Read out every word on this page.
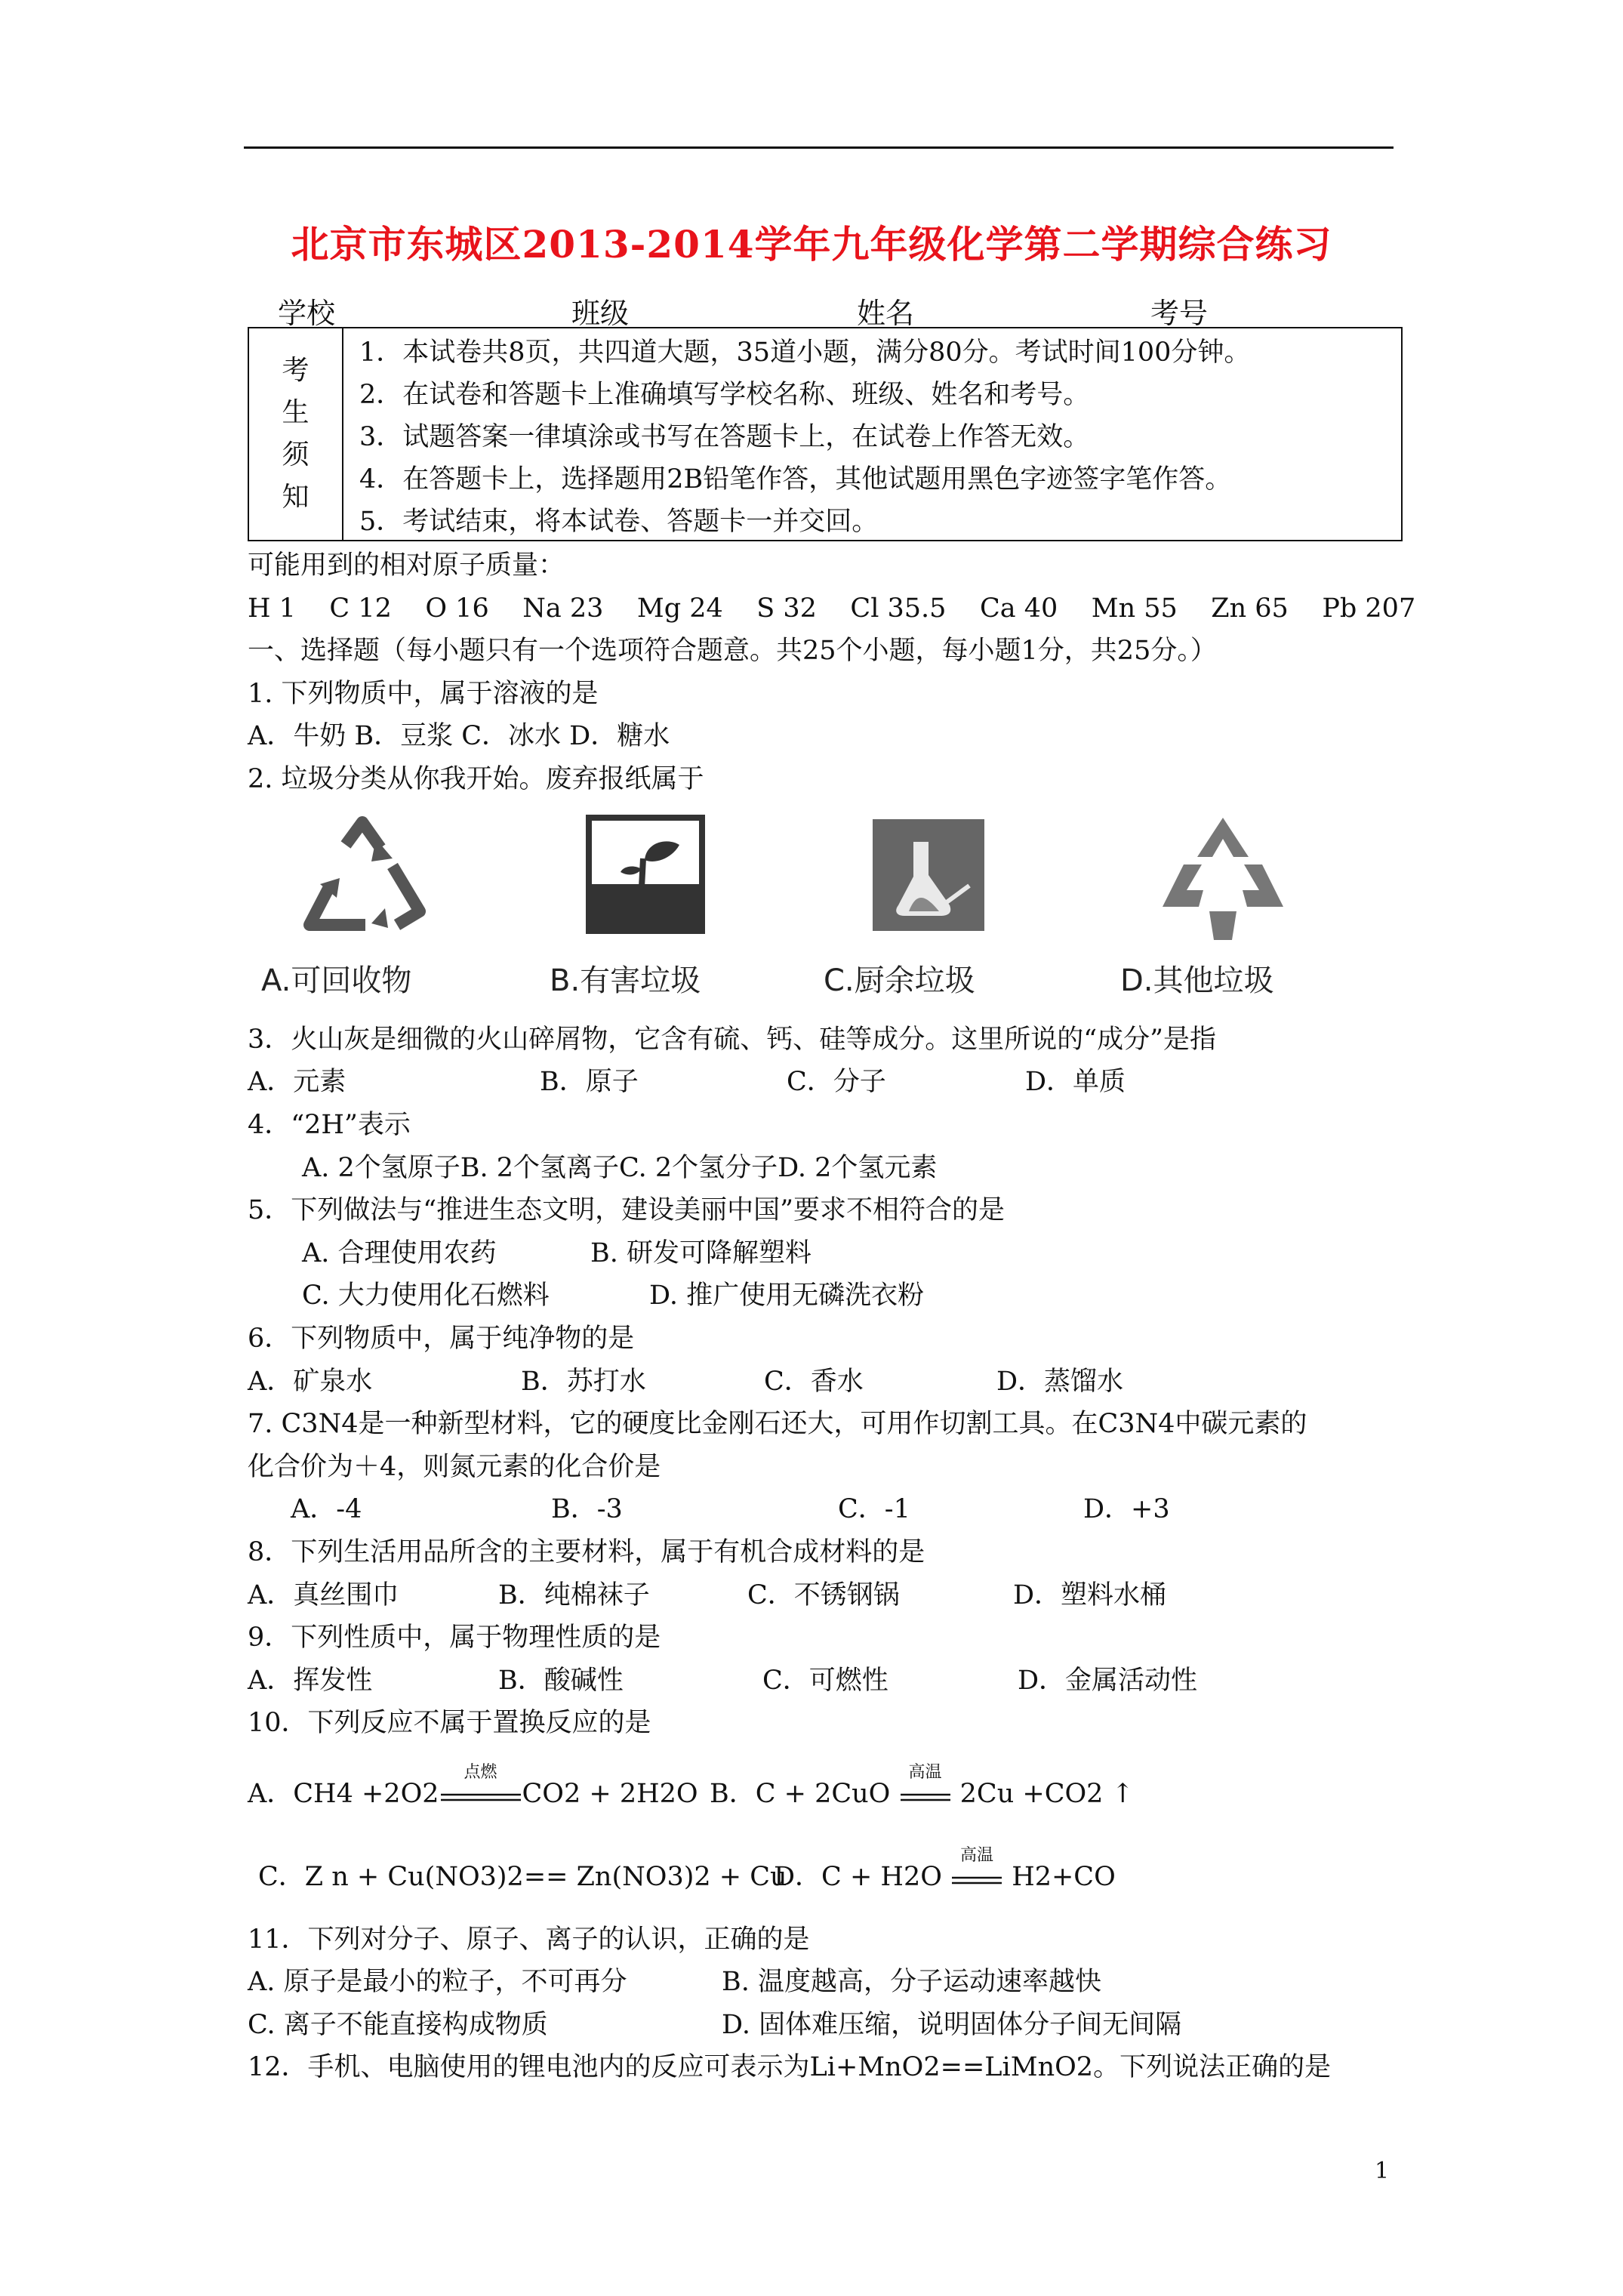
北京市东城区2013-2014学年九年级化学第二学期综合练习
学校	班级	姓名	考号
考
生
须
知
1．本试卷共8页，共四道大题，35道小题，满分80分。考试时间100分钟。
2．在试卷和答题卡上准确填写学校名称、班级、姓名和考号。
3．试题答案一律填涂或书写在答题卡上，在试卷上作答无效。
4．在答题卡上，选择题用2B铅笔作答，其他试题用黑色字迹签字笔作答。
5．考试结束，将本试卷、答题卡一并交回。
可能用到的相对原子质量：
H 1    C 12    O 16    Na 23    Mg 24    S 32    Cl 35.5    Ca 40    Mn 55    Zn 65    Pb 207
一、选择题（每小题只有一个选项符合题意。共25个小题，每小题1分，共25分。）
1. 下列物质中，属于溶液的是
A．牛奶 B．豆浆 C．冰水 D．糖水
2. 垃圾分类从你我开始。废弃报纸属于
A.可回收物	B.有害垃圾	C.厨余垃圾	D.其他垃圾
3．火山灰是细微的火山碎屑物，它含有硫、钙、硅等成分。这里所说的“成分”是指
A．元素	B．原子	C．分子	D．单质
4．“2H”表示
A. 2个氢原子B. 2个氢离子C. 2个氢分子D. 2个氢元素
5．下列做法与“推进生态文明，建设美丽中国”要求不相符合的是
A. 合理使用农药	B. 研发可降解塑料
C. 大力使用化石燃料	D. 推广使用无磷洗衣粉
6．下列物质中，属于纯净物的是
A．矿泉水	B．苏打水	C．香水	D．蒸馏水
7. C3N4是一种新型材料，它的硬度比金刚石还大，可用作切割工具。在C3N4中碳元素的
化合价为＋4，则氮元素的化合价是
A．-4	B．-3	C．-1	D．+3
8．下列生活用品所含的主要材料，属于有机合成材料的是
A．真丝围巾	B．纯棉袜子	C．不锈钢锅	D．塑料水桶
9．下列性质中，属于物理性质的是
A．挥发性	B．酸碱性	C．可燃性	D．金属活动性
10．下列反应不属于置换反应的是
A．CH4 +2O2
点燃
CO2 + 2H2O B．C + 2CuO
高温
2Cu +CO2 ↑
C．Z n + Cu(NO3)2== Zn(NO3)2 + Cu
D．C + H2O
高温
H2+CO
11．下列对分子、原子、离子的认识，正确的是
A. 原子是最小的粒子，不可再分	B. 温度越高，分子运动速率越快
C. 离子不能直接构成物质	D. 固体难压缩，说明固体分子间无间隔
12．手机、电脑使用的锂电池内的反应可表示为Li+MnO2==LiMnO2。下列说法正确的是
1
